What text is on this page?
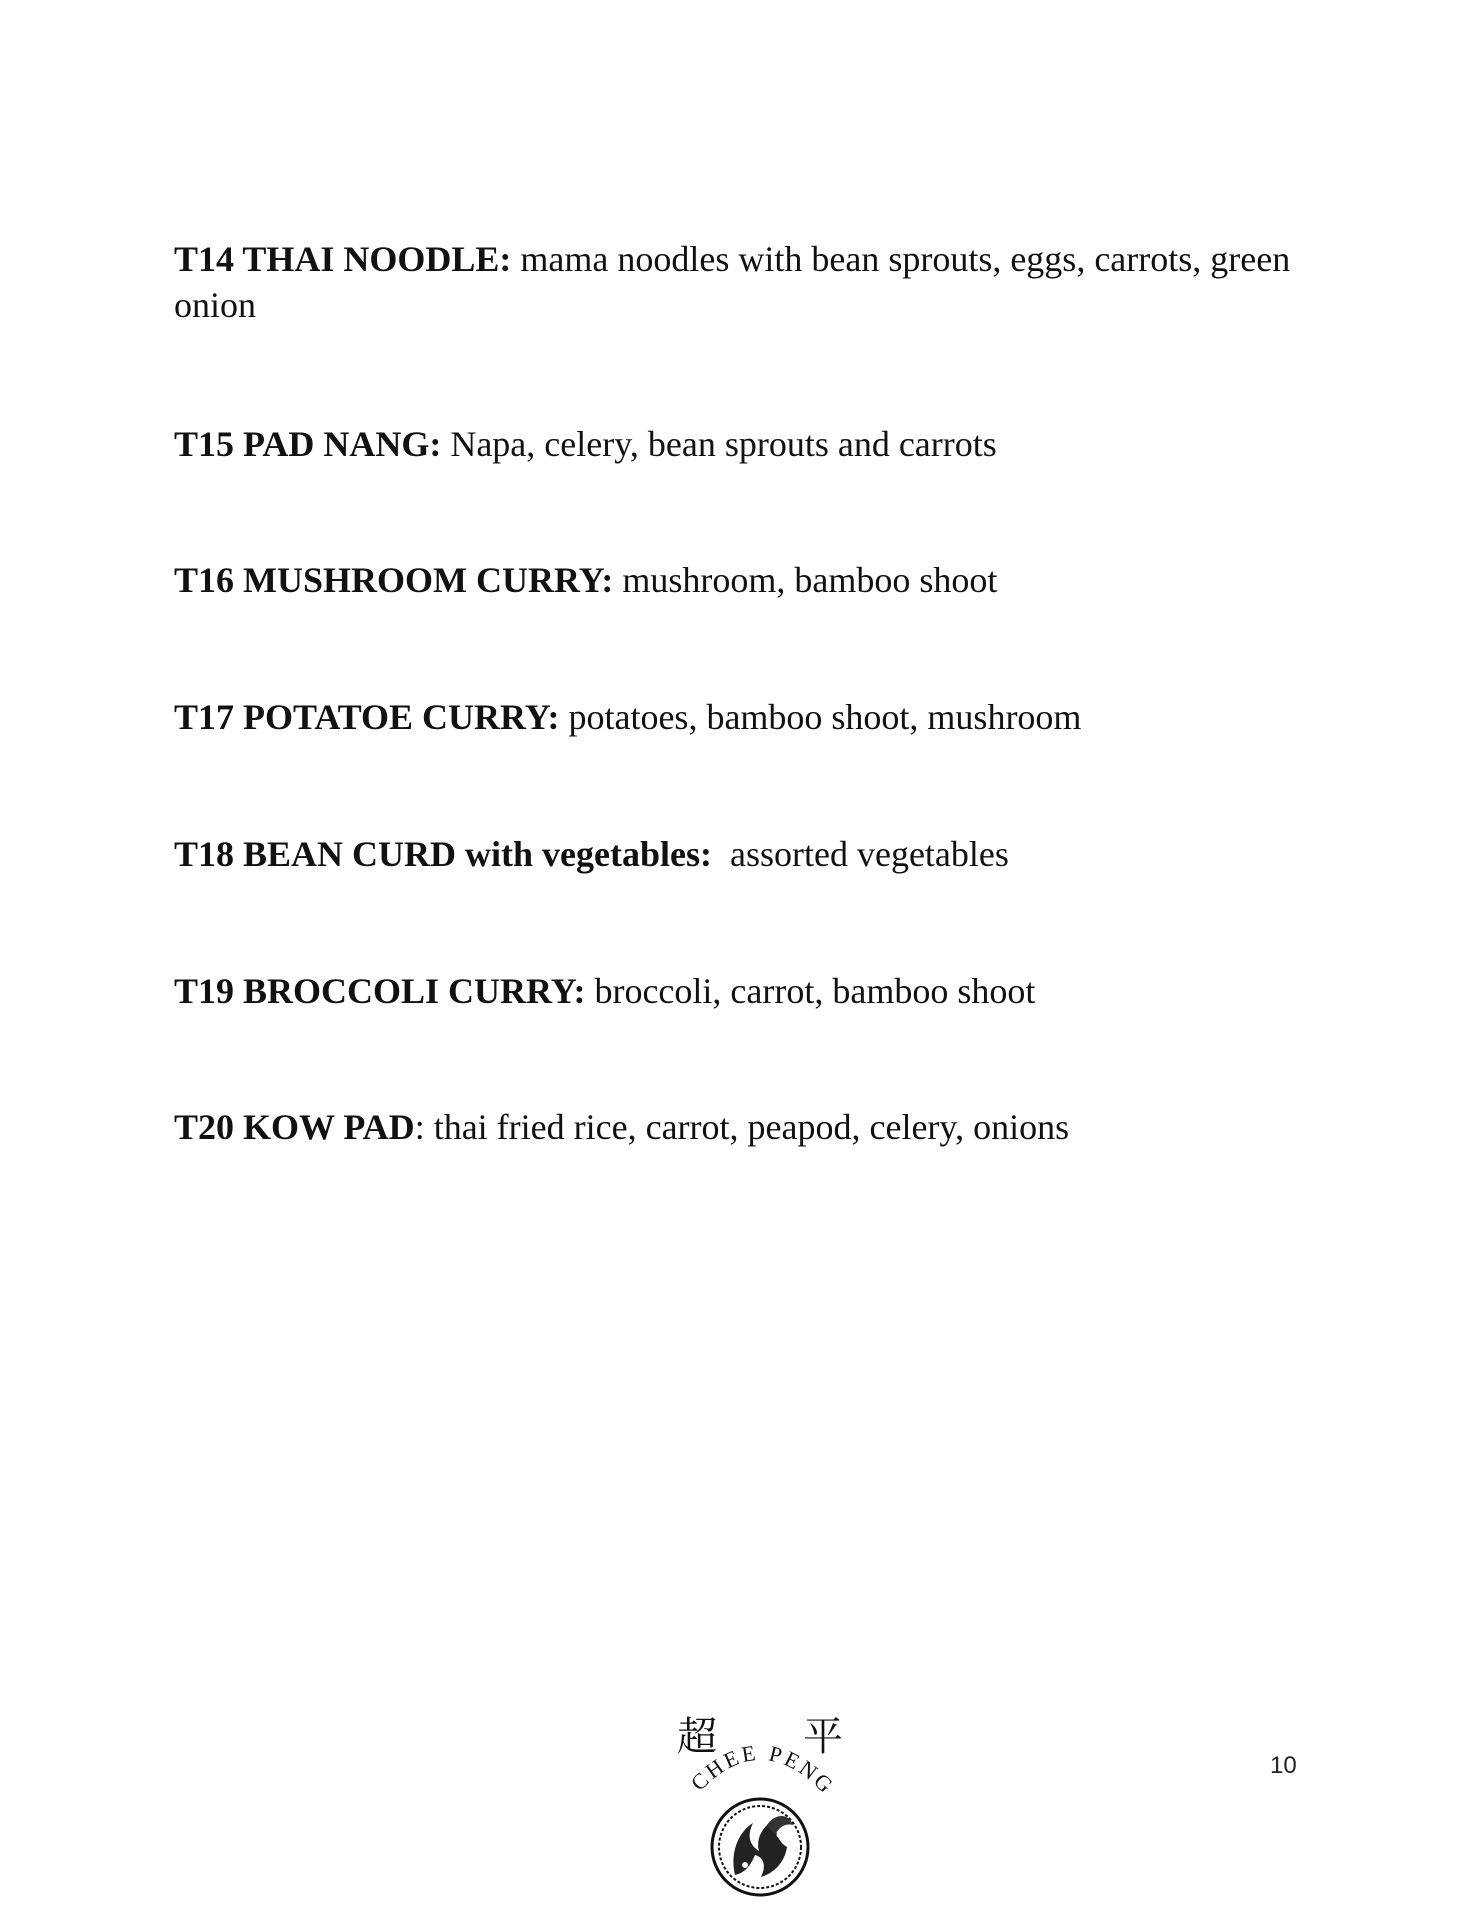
T14 THAI NOODLE: mama noodles with bean sprouts, eggs, carrots, green onion
T15 PAD NANG: Napa, celery, bean sprouts and carrots
T16 MUSHROOM CURRY: mushroom, bamboo shoot
T17 POTATOE CURRY: potatoes, bamboo shoot, mushroom
T18 BEAN CURD with vegetables:  assorted vegetables
T19 BROCCOLI CURRY: broccoli, carrot, bamboo shoot
T20 KOW PAD: thai fried rice, carrot, peapod, celery, onions
超 平
CHEE PENG
10
